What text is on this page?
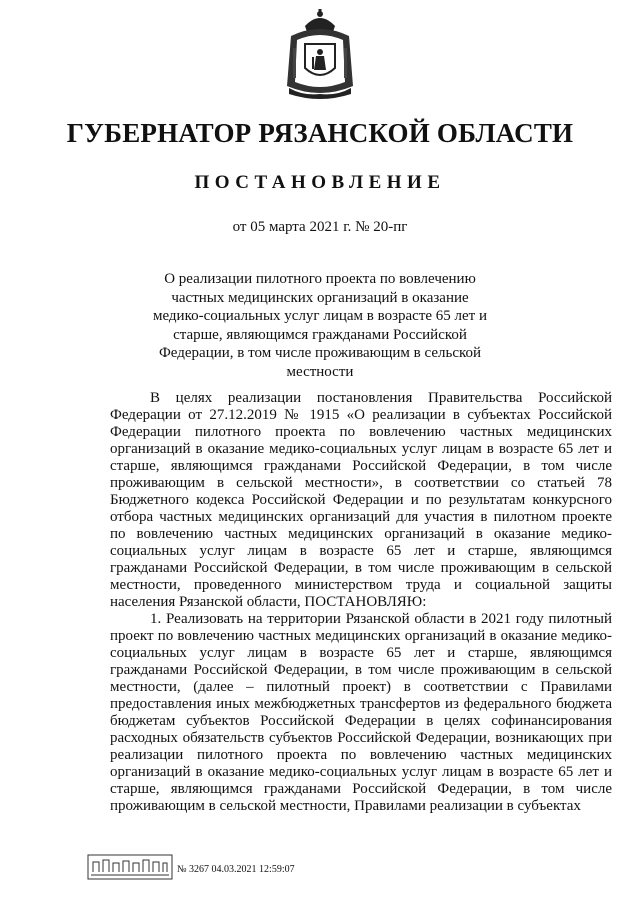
ГУБЕРНАТОР РЯЗАНСКОЙ ОБЛАСТИ
ПОСТАНОВЛЕНИЕ
от 05 марта 2021 г. № 20-пг
О реализации пилотного проекта по вовлечению частных медицинских организаций в оказание медико-социальных услуг лицам в возрасте 65 лет и старше, являющимся гражданами Российской Федерации, в том числе проживающим в сельской местности

В целях реализации постановления Правительства Российской Федерации от 27.12.2019 № 1915 «О реализации в субъектах Российской Федерации пилотного проекта по вовлечению частных медицинских организаций в оказание медико-социальных услуг лицам в возрасте 65 лет и старше, являющимся гражданами Российской Федерации, в том числе проживающим в сельской местности», в соответствии со статьей 78 Бюджетного кодекса Российской Федерации и по результатам конкурсного отбора частных медицинских организаций для участия в пилотном проекте по вовлечению частных медицинских организаций в оказание медико-социальных услуг лицам в возрасте 65 лет и старше, являющимся гражданами Российской Федерации, в том числе проживающим в сельской местности, проведенного министерством труда и социальной защиты населения Рязанской области, ПОСТАНОВЛЯЮ:

1. Реализовать на территории Рязанской области в 2021 году пилотный проект по вовлечению частных медицинских организаций в оказание медико-социальных услуг лицам в возрасте 65 лет и старше, являющимся гражданами Российской Федерации, в том числе проживающим в сельской местности, (далее – пилотный проект) в соответствии с Правилами предоставления иных межбюджетных трансфертов из федерального бюджета бюджетам субъектов Российской Федерации в целях софинансирования расходных обязательств субъектов Российской Федерации, возникающих при реализации пилотного проекта по вовлечению частных медицинских организаций в оказание медико-социальных услуг лицам в возрасте 65 лет и старше, являющимся гражданами Российской Федерации, в том числе проживающим в сельской местности, Правилами реализации в субъектах

№ 3267 04.03.2021 12:59:07
